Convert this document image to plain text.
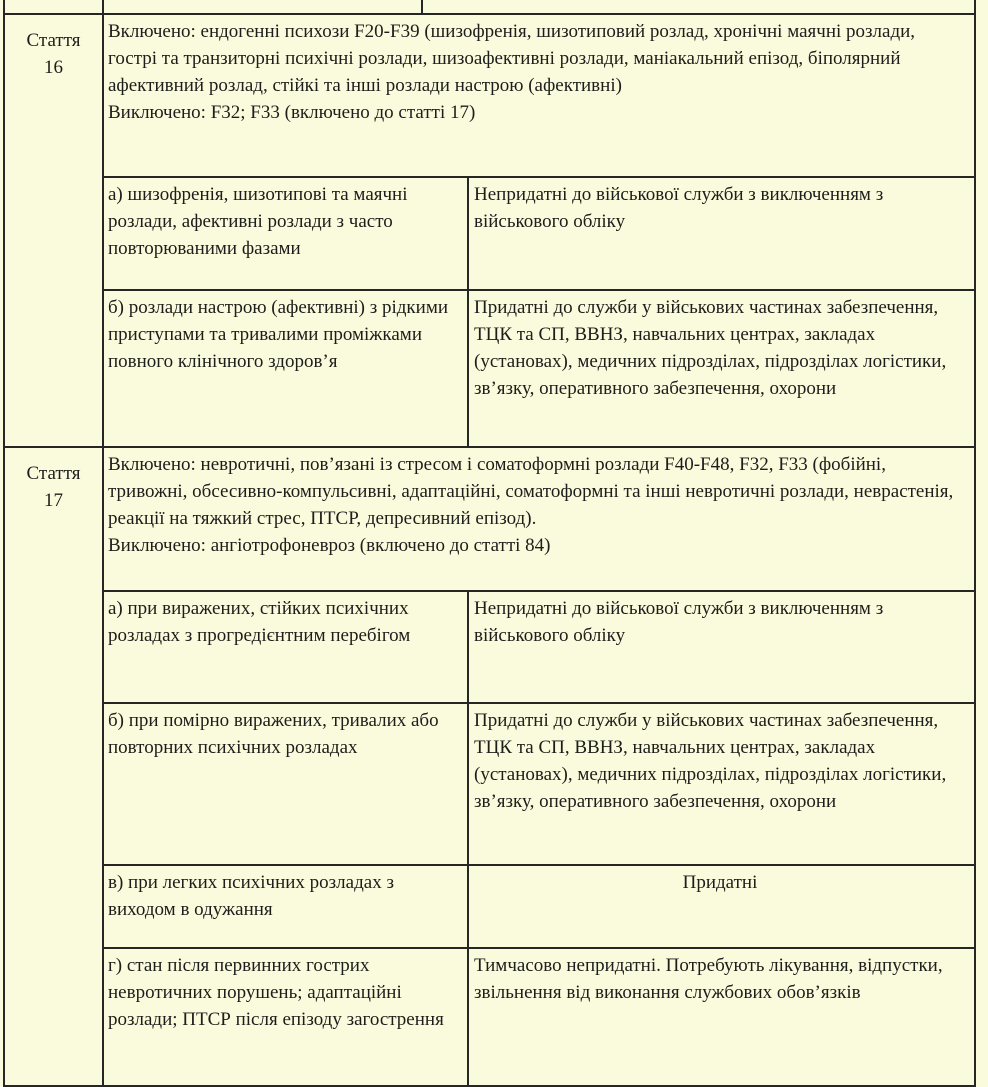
Стаття
16
Включено: ендогенні психози F20-F39 (шизофренія, шизотиповий розлад, хронічні маячні розлади, гострі та транзиторні психічні розлади, шизоафективні розлади, маніакальний епізод, біполярний афективний розлад, стійкі та інші розлади настрою (афективні)
Виключено: F32; F33 (включено до статті 17)
а) шизофренія, шизотипові та маячні розлади, афективні розлади з часто повторюваними фазами
Непридатні до військової служби з виключенням з військового обліку
б) розлади настрою (афективні) з рідкими приступами та тривалими проміжками повного клінічного здоров’я
Придатні до служби у військових частинах забезпечення, ТЦК та СП, ВВНЗ, навчальних центрах, закладах (установах), медичних підрозділах, підрозділах логістики, зв’язку, оперативного забезпечення, охорони
Стаття
17
Включено: невротичні, пов’язані із стресом і соматоформні розлади F40-F48, F32, F33 (фобійні, тривожні, обсесивно-компульсивні, адаптаційні, соматоформні та інші невротичні розлади, неврастенія, реакції на тяжкий стрес, ПТСР, депресивний епізод).
Виключено: ангіотрофоневроз (включено до статті 84)
а) при виражених, стійких психічних розладах з прогредієнтним перебігом
Непридатні до військової служби з виключенням з військового обліку
б) при помірно виражених, тривалих або повторних психічних розладах
Придатні до служби у військових частинах забезпечення, ТЦК та СП, ВВНЗ, навчальних центрах, закладах (установах), медичних підрозділах, підрозділах логістики, зв’язку, оперативного забезпечення, охорони
в) при легких психічних розладах з виходом в одужання
Придатні
г) стан після первинних гострих невротичних порушень; адаптаційні розлади; ПТСР після епізоду загострення
Тимчасово непридатні. Потребують лікування, відпустки, звільнення від виконання службових обов’язків
